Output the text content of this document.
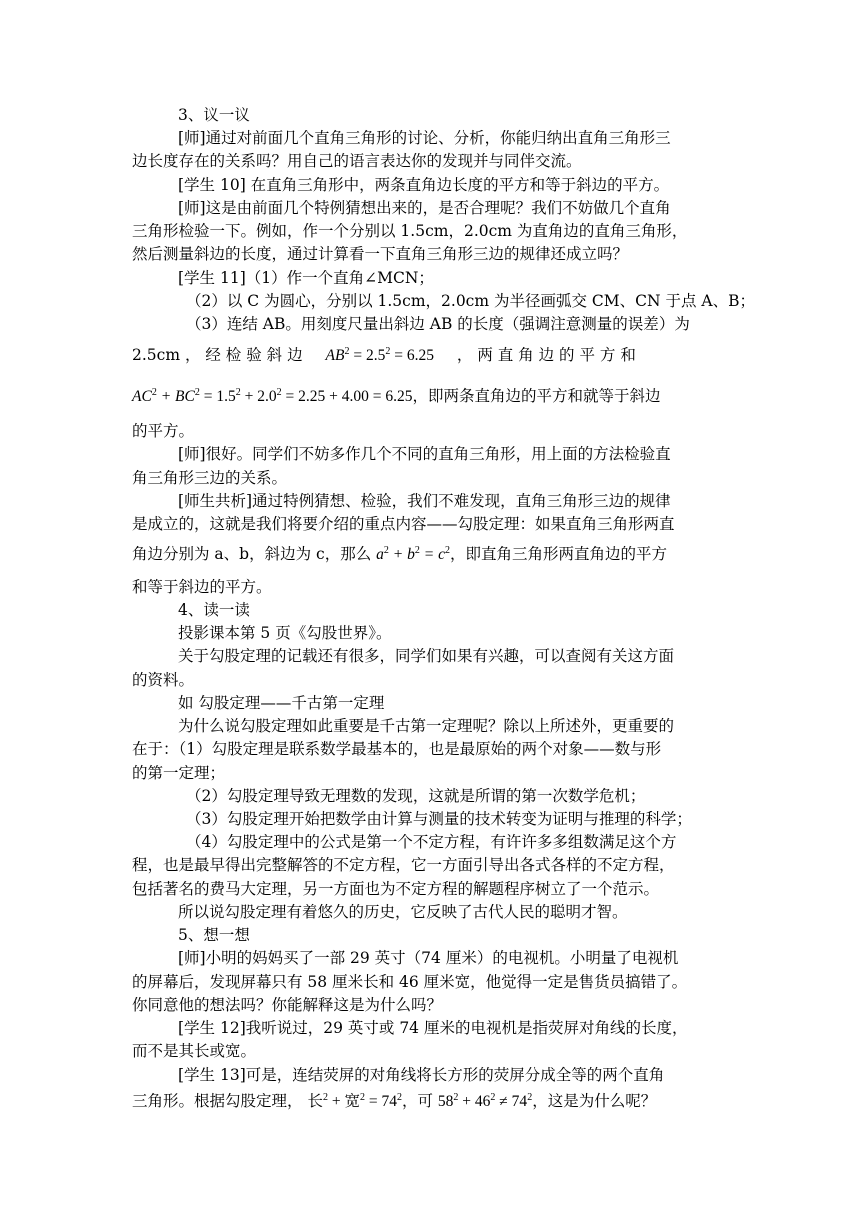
3、议一议
[师]通过对前面几个直角三角形的讨论、分析，你能归纳出直角三角形三
边长度存在的关系吗？用自己的语言表达你的发现并与同伴交流。
[学生 10] 在直角三角形中，两条直角边长度的平方和等于斜边的平方。
[师]这是由前面几个特例猜想出来的，是否合理呢？我们不妨做几个直角
三角形检验一下。例如，作一个分别以 1.5cm，2.0cm 为直角边的直角三角形，
然后测量斜边的长度，通过计算看一下直角三角形三边的规律还成立吗？
[学生 11]（1）作一个直角∠MCN；
（2）以 C 为圆心，分别以 1.5cm，2.0cm 为半径画弧交 CM、CN 于点 A、B；
（3）连结 AB。用刻度尺量出斜边 AB 的长度（强调注意测量的误差）为
2.5cm ， 经 检 验 斜 边 $AB^2 = 2.5^2 = 6.25$ ， 两 直 角 边 的 平 方 和
$AC^2 + BC^2 = 1.5^2 + 2.0^2 = 2.25 + 4.00 = 6.25$，即两条直角边的平方和就等于斜边
的平方。
[师]很好。同学们不妨多作几个不同的直角三角形，用上面的方法检验直
角三角形三边的关系。
[师生共析]通过特例猜想、检验，我们不难发现，直角三角形三边的规律
是成立的，这就是我们将要介绍的重点内容——勾股定理：如果直角三角形两直
角边分别为 a、b，斜边为 c，那么 $a^2 + b^2 = c^2$，即直角三角形两直角边的平方
和等于斜边的平方。
4、读一读
投影课本第 5 页《勾股世界》。
关于勾股定理的记载还有很多，同学们如果有兴趣，可以查阅有关这方面
的资料。
如 勾股定理——千古第一定理
为什么说勾股定理如此重要是千古第一定理呢？除以上所述外，更重要的
在于：（1）勾股定理是联系数学最基本的，也是最原始的两个对象——数与形
的第一定理；
（2）勾股定理导致无理数的发现，这就是所谓的第一次数学危机；
（3）勾股定理开始把数学由计算与测量的技术转变为证明与推理的科学；
（4）勾股定理中的公式是第一个不定方程，有许许多多组数满足这个方
程，也是最早得出完整解答的不定方程，它一方面引导出各式各样的不定方程，
包括著名的费马大定理，另一方面也为不定方程的解题程序树立了一个范示。
所以说勾股定理有着悠久的历史，它反映了古代人民的聪明才智。
5、想一想
[师]小明的妈妈买了一部 29 英寸（74 厘米）的电视机。小明量了电视机
的屏幕后，发现屏幕只有 58 厘米长和 46 厘米宽，他觉得一定是售货员搞错了。
你同意他的想法吗？你能解释这是为什么吗？
[学生 12]我听说过，29 英寸或 74 厘米的电视机是指荧屏对角线的长度，
而不是其长或宽。
[学生 13]可是，连结荧屏的对角线将长方形的荧屏分成全等的两个直角
三角形。根据勾股定理， 长$^2$ + 宽$^2 = 74^2$，可 $58^2 + 46^2 \ne 74^2$，这是为什么呢？
